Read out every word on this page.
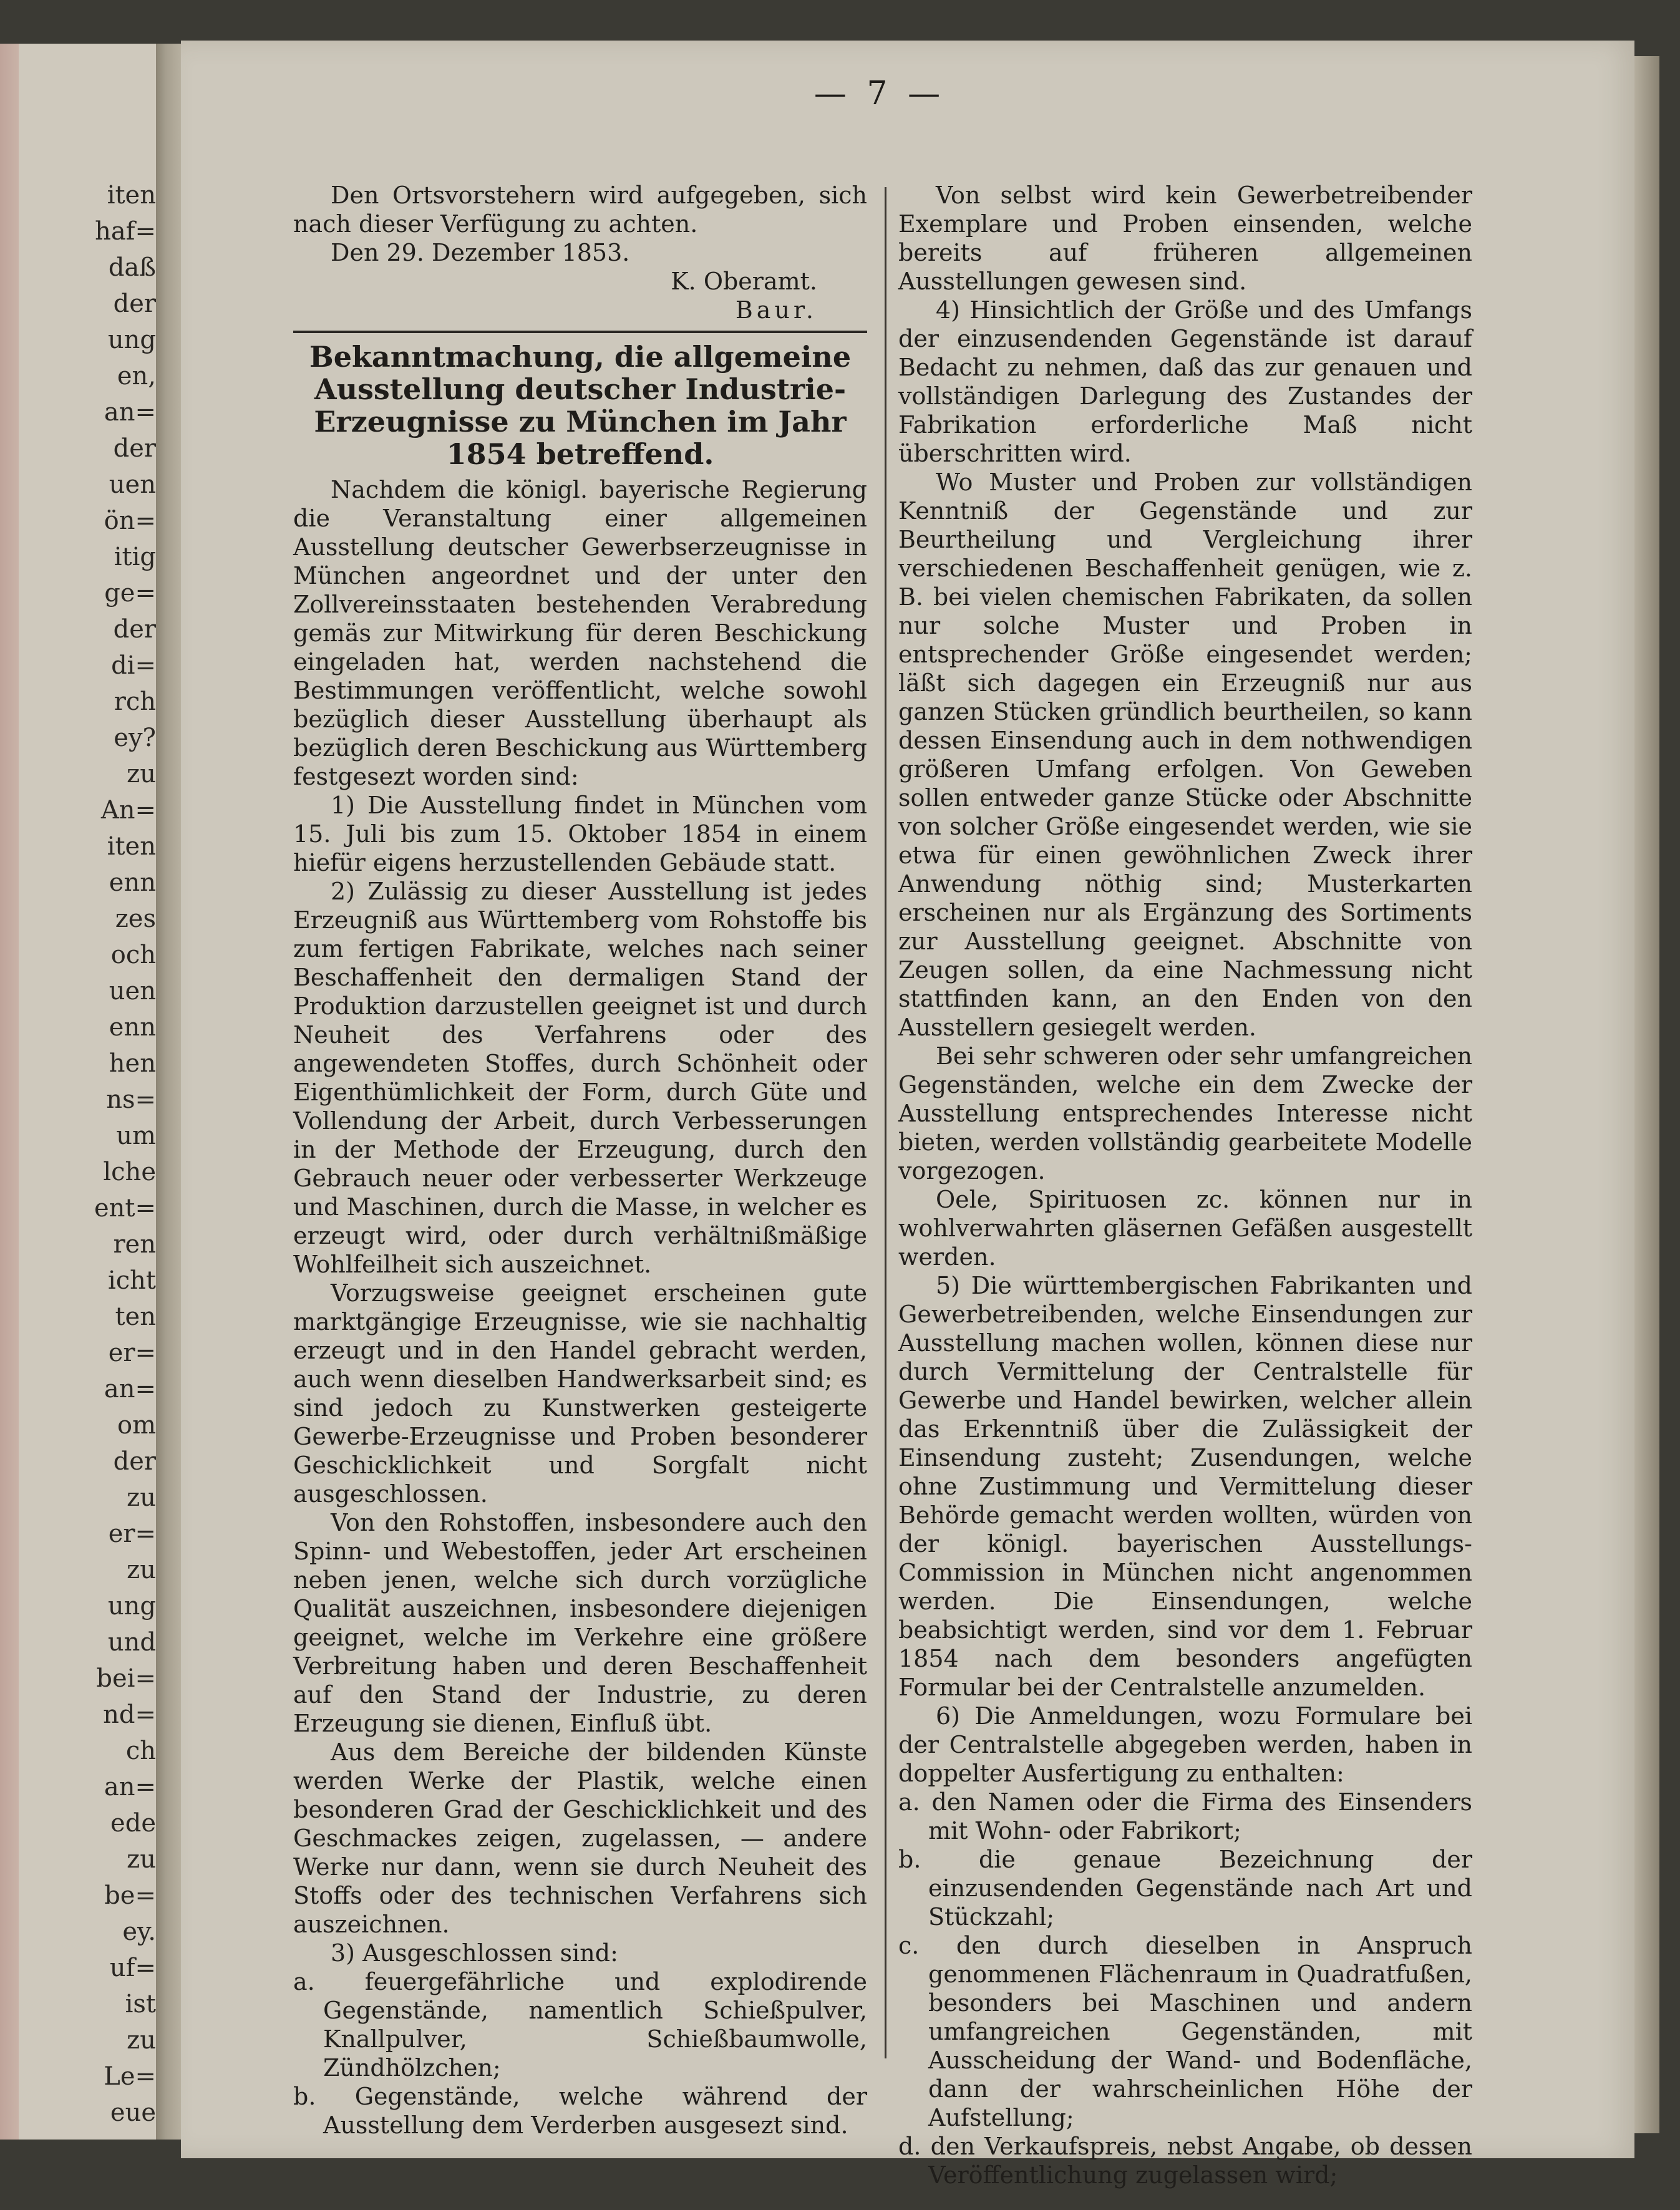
iten
haf=
daß
der
ung
en,
an=
der
uen
ön=
itig
ge=
der
di=
rch
ey?
zu
An=
iten
enn
zes
och
uen
enn
hen
ns=
um
lche
ent=
ren
icht
ten
er=
an=
om
der
zu
er=
zu
ung
und
bei=
nd=
ch
an=
ede
zu
be=
ey.
uf=
ist
zu
Le=
eue
— 7 —

Den Ortsvorstehern wird aufgegeben, sich nach dieser Verfügung zu achten.

Den 29. Dezember 1853.

K. Oberamt.

Baur.

Bekanntmachung, die allgemeine Ausstellung deutscher Industrie-Erzeugnisse zu München im Jahr 1854 betreffend.

Nachdem die königl. bayerische Regierung die Veranstaltung einer allgemeinen Ausstellung deutscher Gewerbserzeugnisse in München angeordnet und der unter den Zollvereinsstaaten bestehenden Verabredung gemäs zur Mitwirkung für deren Beschickung eingeladen hat, werden nachstehend die Bestimmungen veröffentlicht, welche sowohl bezüglich dieser Ausstellung überhaupt als bezüglich deren Beschickung aus Württemberg festgesezt worden sind:

1) Die Ausstellung findet in München vom 15. Juli bis zum 15. Oktober 1854 in einem hiefür eigens herzustellenden Gebäude statt.

2) Zulässig zu dieser Ausstellung ist jedes Erzeugniß aus Württemberg vom Rohstoffe bis zum fertigen Fabrikate, welches nach seiner Beschaffenheit den dermaligen Stand der Produktion darzustellen geeignet ist und durch Neuheit des Verfahrens oder des angewendeten Stoffes, durch Schönheit oder Eigenthümlichkeit der Form, durch Güte und Vollendung der Arbeit, durch Verbesserungen in der Methode der Erzeugung, durch den Gebrauch neuer oder verbesserter Werkzeuge und Maschinen, durch die Masse, in welcher es erzeugt wird, oder durch verhältnißmäßige Wohlfeilheit sich auszeichnet.

Vorzugsweise geeignet erscheinen gute marktgängige Erzeugnisse, wie sie nachhaltig erzeugt und in den Handel gebracht werden, auch wenn dieselben Handwerksarbeit sind; es sind jedoch zu Kunstwerken gesteigerte Gewerbe-Erzeugnisse und Proben besonderer Geschicklichkeit und Sorgfalt nicht ausgeschlossen.

Von den Rohstoffen, insbesondere auch den Spinn- und Webestoffen, jeder Art erscheinen neben jenen, welche sich durch vorzügliche Qualität auszeichnen, insbesondere diejenigen geeignet, welche im Verkehre eine größere Verbreitung haben und deren Beschaffenheit auf den Stand der Industrie, zu deren Erzeugung sie dienen, Einfluß übt.

Aus dem Bereiche der bildenden Künste werden Werke der Plastik, welche einen besonderen Grad der Geschicklichkeit und des Geschmackes zeigen, zugelassen, — andere Werke nur dann, wenn sie durch Neuheit des Stoffs oder des technischen Verfahrens sich auszeichnen.

3) Ausgeschlossen sind:

a. feuergefährliche und explodirende Gegenstände, namentlich Schießpulver, Knallpulver, Schießbaumwolle, Zündhölzchen;

b. Gegenstände, welche während der Ausstellung dem Verderben ausgesezt sind.

Von selbst wird kein Gewerbetreibender Exemplare und Proben einsenden, welche bereits auf früheren allgemeinen Ausstellungen gewesen sind.

4) Hinsichtlich der Größe und des Umfangs der einzusendenden Gegenstände ist darauf Bedacht zu nehmen, daß das zur genauen und vollständigen Darlegung des Zustandes der Fabrikation erforderliche Maß nicht überschritten wird.

Wo Muster und Proben zur vollständigen Kenntniß der Gegenstände und zur Beurtheilung und Vergleichung ihrer verschiedenen Beschaffenheit genügen, wie z. B. bei vielen chemischen Fabrikaten, da sollen nur solche Muster und Proben in entsprechender Größe eingesendet werden; läßt sich dagegen ein Erzeugniß nur aus ganzen Stücken gründlich beurtheilen, so kann dessen Einsendung auch in dem nothwendigen größeren Umfang erfolgen. Von Geweben sollen entweder ganze Stücke oder Abschnitte von solcher Größe eingesendet werden, wie sie etwa für einen gewöhnlichen Zweck ihrer Anwendung nöthig sind; Musterkarten erscheinen nur als Ergänzung des Sortiments zur Ausstellung geeignet. Abschnitte von Zeugen sollen, da eine Nachmessung nicht stattfinden kann, an den Enden von den Ausstellern gesiegelt werden.

Bei sehr schweren oder sehr umfangreichen Gegenständen, welche ein dem Zwecke der Ausstellung entsprechendes Interesse nicht bieten, werden vollständig gearbeitete Modelle vorgezogen.

Oele, Spirituosen zc. können nur in wohlverwahrten gläsernen Gefäßen ausgestellt werden.

5) Die württembergischen Fabrikanten und Gewerbetreibenden, welche Einsendungen zur Ausstellung machen wollen, können diese nur durch Vermittelung der Centralstelle für Gewerbe und Handel bewirken, welcher allein das Erkenntniß über die Zulässigkeit der Einsendung zusteht; Zusendungen, welche ohne Zustimmung und Vermittelung dieser Behörde gemacht werden wollten, würden von der königl. bayerischen Ausstellungs-Commission in München nicht angenommen werden. Die Einsendungen, welche beabsichtigt werden, sind vor dem 1. Februar 1854 nach dem besonders angefügten Formular bei der Centralstelle anzumelden.

6) Die Anmeldungen, wozu Formulare bei der Centralstelle abgegeben werden, haben in doppelter Ausfertigung zu enthalten:

a. den Namen oder die Firma des Einsenders mit Wohn- oder Fabrikort;

b. die genaue Bezeichnung der einzusendenden Gegenstände nach Art und Stückzahl;

c. den durch dieselben in Anspruch genommenen Flächenraum in Quadratfußen, besonders bei Maschinen und andern umfangreichen Gegenständen, mit Ausscheidung der Wand- und Bodenfläche, dann der wahrscheinlichen Höhe der Aufstellung;

d. den Verkaufspreis, nebst Angabe, ob dessen Veröffentlichung zugelassen wird;
